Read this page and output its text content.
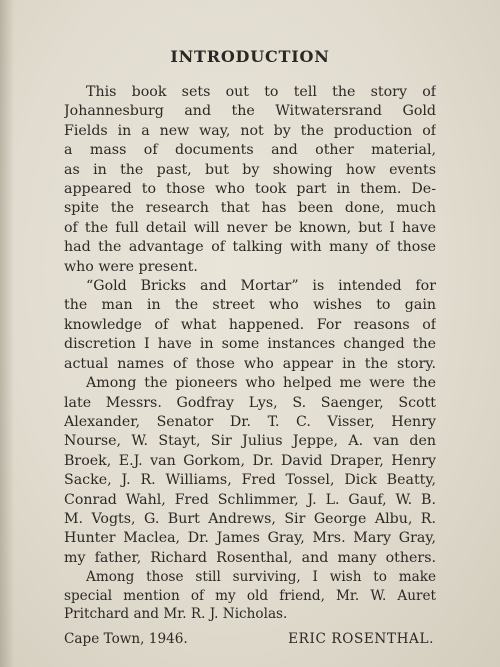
INTRODUCTION
This book sets out to tell the story of
Johannesburg and the Witwatersrand Gold
Fields in a new way, not by the production of
a mass of documents and other material,
as in the past, but by showing how events
appeared to those who took part in them. De-
spite the research that has been done, much
of the full detail will never be known, but I have
had the advantage of talking with many of those
who were present.
“Gold Bricks and Mortar” is intended for
the man in the street who wishes to gain
knowledge of what happened. For reasons of
discretion I have in some instances changed the
actual names of those who appear in the story.
Among the pioneers who helped me were the
late Messrs. Godfray Lys, S. Saenger, Scott
Alexander, Senator Dr. T. C. Visser, Henry
Nourse, W. Stayt, Sir Julius Jeppe, A. van den
Broek, E.J. van Gorkom, Dr. David Draper, Henry
Sacke, J. R. Williams, Fred Tossel, Dick Beatty,
Conrad Wahl, Fred Schlimmer, J. L. Gauf, W. B.
M. Vogts, G. Burt Andrews, Sir George Albu, R.
Hunter Maclea, Dr. James Gray, Mrs. Mary Gray,
my father, Richard Rosenthal, and many others.
Among those still surviving, I wish to make
special mention of my old friend, Mr. W. Auret
Pritchard and Mr. R. J. Nicholas.
Cape Town, 1946.	ERIC ROSENTHAL.
